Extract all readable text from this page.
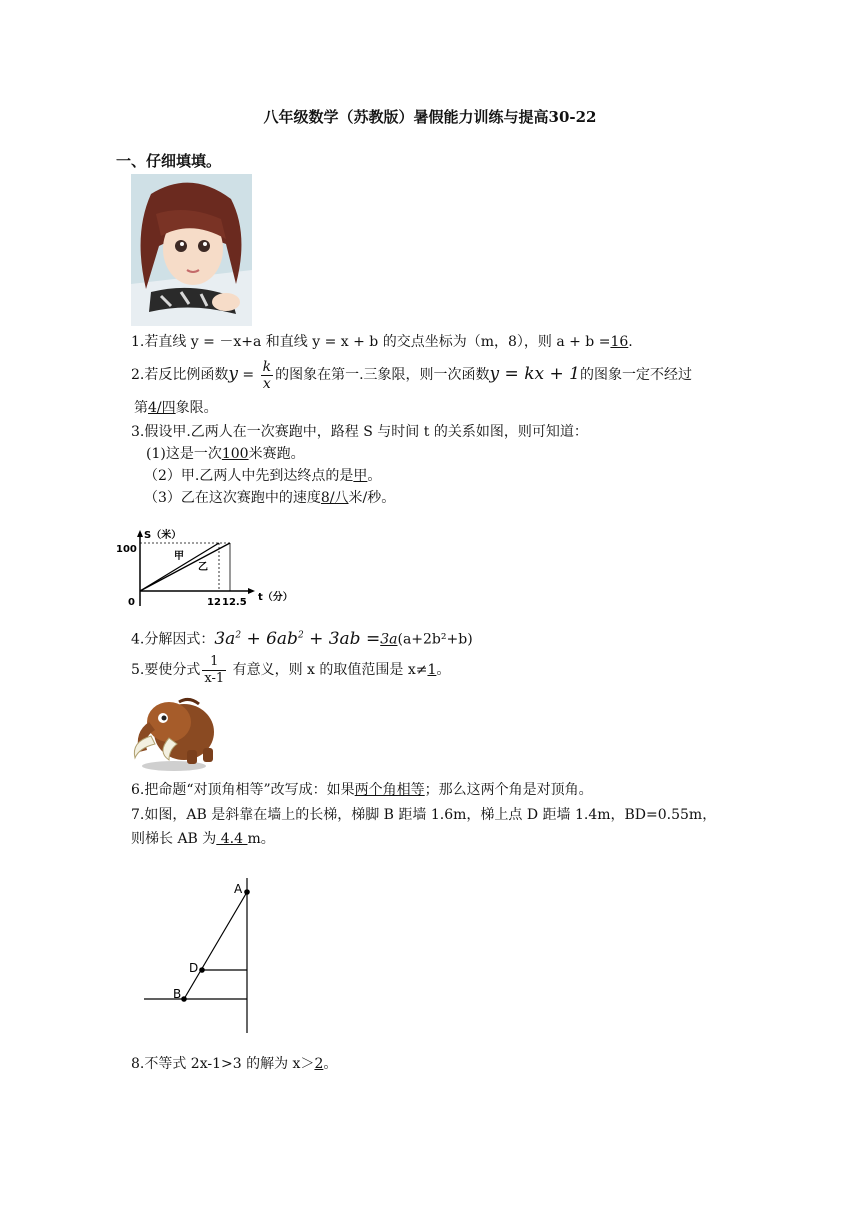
八年级数学（苏教版）暑假能力训练与提高30-22
一、仔细填填。
1.若直线 y = －x+a 和直线 y = x + b 的交点坐标为（m，8），则 a + b =16.
2.若反比例函数$y = \frac{k}{x}$ 的图象在第一.三象限，则一次函数y = kx + 1的图象一定不经过
第4/四象限。
3.假设甲.乙两人在一次赛跑中，路程 S 与时间 t 的关系如图，则可知道：
(1)这是一次100米赛跑。
（2）甲.乙两人中先到达终点的是甲。
（3）乙在这次赛跑中的速度8/八米/秒。
S（米）
t（分）
100
0	12 12.5
甲
乙
4.分解因式：$3a^2 + 6ab^2 + 3ab =3a(a+2b^2+b)$
5.要使分式 $\frac{1}{x-1}$ 有意义，则 x 的取值范围是 x≠1。
6.把命题“对顶角相等”改写成：如果两个角相等；那么这两个角是对顶角。
7.如图，AB 是斜靠在墙上的长梯，梯脚 B 距墙 1.6m，梯上点 D 距墙 1.4m，BD=0.55m，
则梯长 AB 为 4.4 m。
A
D
B
8.不等式 2x-1>3 的解为 x＞2。
